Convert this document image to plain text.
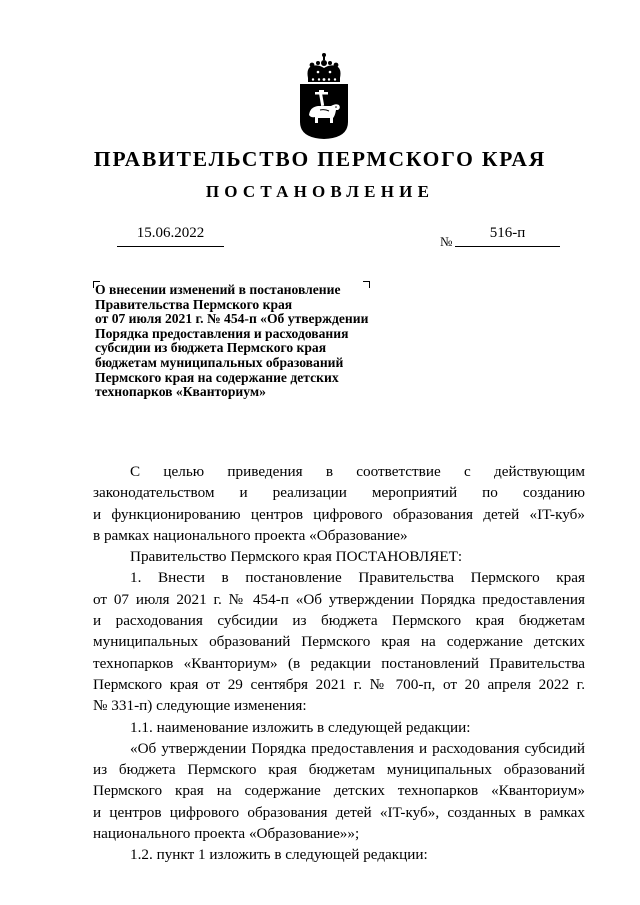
ПРАВИТЕЛЬСТВО ПЕРМСКОГО КРАЯ
ПОСТАНОВЛЕНИЕ
15.06.2022
№
516-п
О внесении изменений в постановление
Правительства Пермского края
от 07 июля 2021 г. № 454-п «Об утверждении
Порядка предоставления и расходования
субсидии из бюджета Пермского края
бюджетам муниципальных образований
Пермского края на содержание детских
технопарков «Кванториум»
С целью приведения в соответствие с действующим
законодательством и реализации мероприятий по созданию
и функционированию центров цифрового образования детей «IT-куб»
в рамках национального проекта «Образование»
Правительство Пермского края ПОСТАНОВЛЯЕТ:
1. Внести в постановление Правительства Пермского края
от 07 июля 2021 г. № 454-п «Об утверждении Порядка предоставления
и расходования субсидии из бюджета Пермского края бюджетам
муниципальных образований Пермского края на содержание детских
технопарков «Кванториум» (в редакции постановлений Правительства
Пермского края от 29 сентября 2021 г. № 700-п, от 20 апреля 2022 г.
№ 331-п) следующие изменения:
1.1. наименование изложить в следующей редакции:
«Об утверждении Порядка предоставления и расходования субсидий
из бюджета Пермского края бюджетам муниципальных образований
Пермского края на содержание детских технопарков «Кванториум»
и центров цифрового образования детей «IT-куб», созданных в рамках
национального проекта «Образование»»;
1.2. пункт 1 изложить в следующей редакции:
